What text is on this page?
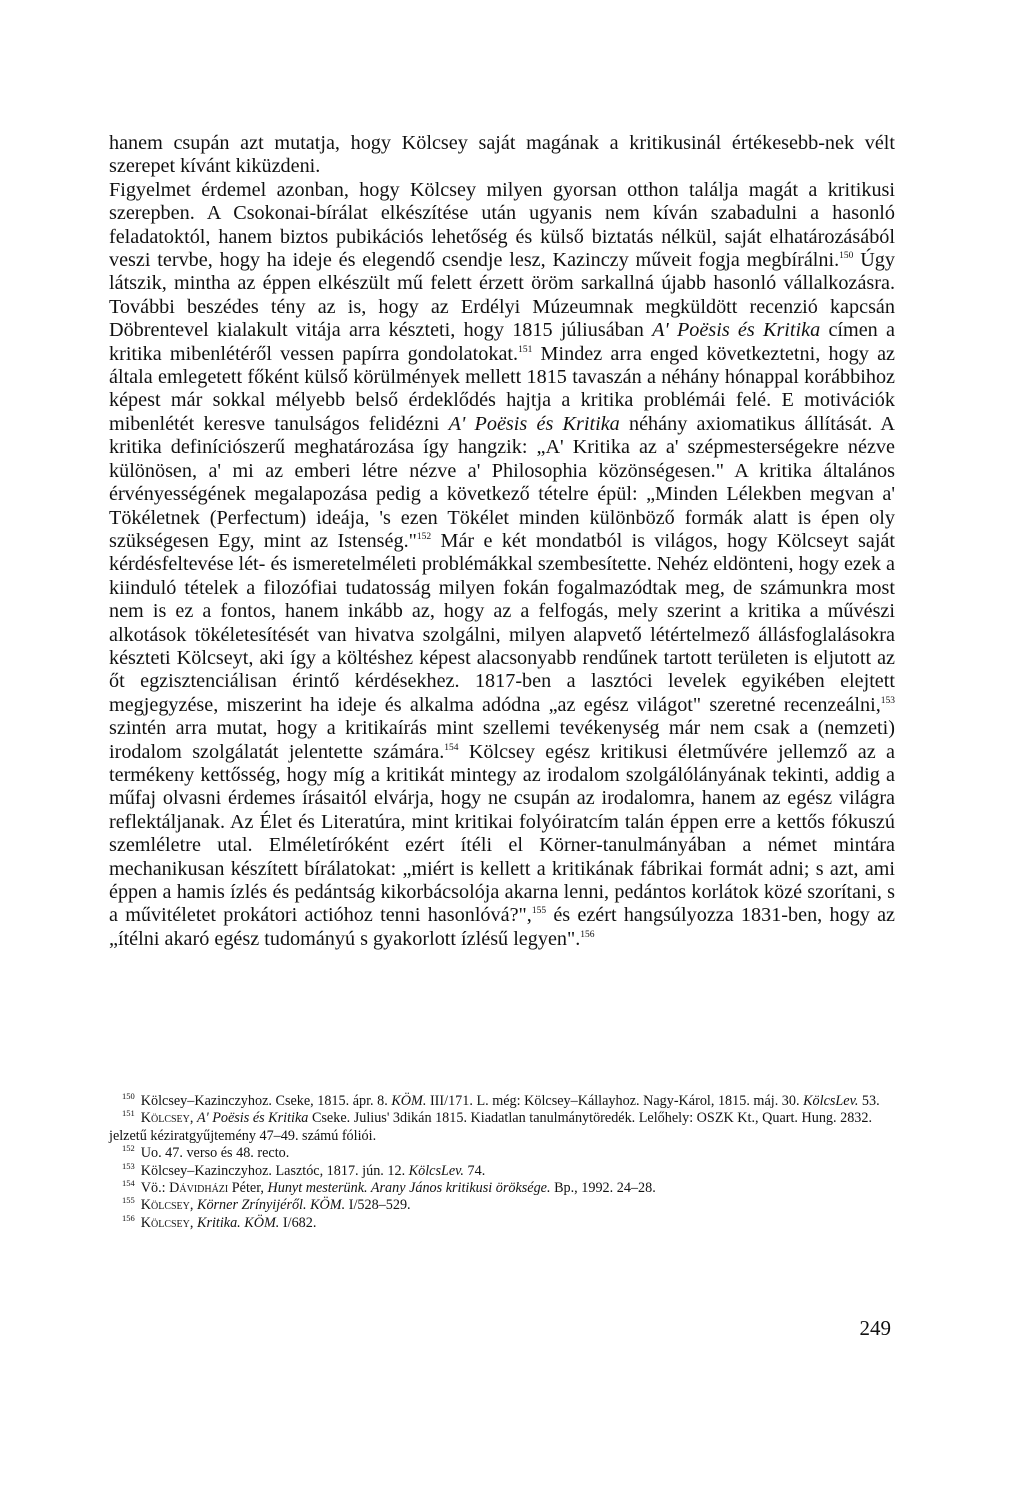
hanem csupán azt mutatja, hogy Kölcsey saját magának a kritikusinál értékesebb-nek vélt szerepet kívánt kiküzdeni.

Figyelmet érdemel azonban, hogy Kölcsey milyen gyorsan otthon találja magát a kritikusi szerepben. A Csokonai-bírálat elkészítése után ugyanis nem kíván szabadulni a hasonló feladatoktól, hanem biztos pubikációs lehetőség és külső biztatás nélkül, saját elhatározásából veszi tervbe, hogy ha ideje és elegendő csendje lesz, Kazinczy műveit fogja megbírálni.$^{150}$ Úgy látszik, mintha az éppen elkészült mű felett érzett öröm sarkallná újabb hasonló vállalkozásra. További beszédes tény az is, hogy az Erdélyi Múzeumnak megküldött recenzió kapcsán Döbrentevel kialakult vitája arra készteti, hogy 1815 júliusában A' Poësis és Kritika címen a kritika mibenlétéről vessen papírra gondolatokat.$^{151}$ Mindez arra enged következtetni, hogy az általa emlegetett főként külső körülmények mellett 1815 tavaszán a néhány hónappal korábbihoz képest már sokkal mélyebb belső érdeklődés hajtja a kritika problémái felé. E motivációk mibenlétét keresve tanulságos felidézni A' Poësis és Kritika néhány axiomatikus állítását. A kritika definíciószerű meghatározása így hangzik: „A' Kritika az a' szépmesterségekre nézve különösen, a' mi az emberi létre nézve a' Philosophia közönségesen." A kritika általános érvényességének megalapozása pedig a következő tételre épül: „Minden Lélekben megvan a' Tökéletnek (Perfectum) ideája, 's ezen Tökélet minden különböző formák alatt is épen oly szükségesen Egy, mint az Istenség."$^{152}$ Már e két mondatból is világos, hogy Kölcseyt saját kérdésfeltevése lét- és ismeretelméleti problémákkal szembesítette. Nehéz eldönteni, hogy ezek a kiinduló tételek a filozófiai tudatosság milyen fokán fogalmazódtak meg, de számunkra most nem is ez a fontos, hanem inkább az, hogy az a felfogás, mely szerint a kritika a művészi alkotások tökéletesítését van hivatva szolgálni, milyen alapvető létértelmező állásfoglalásokra készteti Kölcseyt, aki így a költéshez képest alacsonyabb rendűnek tartott területen is eljutott az őt egzisztenciálisan érintő kérdésekhez. 1817-ben a lasztóci levelek egyikében elejtett megjegyzése, miszerint ha ideje és alkalma adódna „az egész világot" szeretné recenzeálni,$^{153}$ szintén arra mutat, hogy a kritikaírás mint szellemi tevékenység már nem csak a (nemzeti) irodalom szolgálatát jelentette számára.$^{154}$ Kölcsey egész kritikusi életművére jellemző az a termékeny kettősség, hogy míg a kritikát mintegy az irodalom szolgálólányának tekinti, addig a műfaj olvasni érdemes írásaitól elvárja, hogy ne csupán az irodalomra, hanem az egész világra reflektáljanak. Az Élet és Literatúra, mint kritikai folyóiratcím talán éppen erre a kettős fókuszú szemléletre utal. Elméletíróként ezért ítéli el Körner-tanulmányában a német mintára mechanikusan készített bírálatokat: „miért is kellett a kritikának fábrikai formát adni; s azt, ami éppen a hamis ízlés és pedántság kikorbácsolója akarna lenni, pedántos korlátok közé szorítani, s a művitéletet prokátori actióhoz tenni hasonlóvá?",$^{155}$ és ezért hangsúlyozza 1831-ben, hogy az „ítélni akaró egész tudományú s gyakorlott ízlésű legyen".$^{156}$

$^{150}$ Kölcsey–Kazinczyhoz. Cseke, 1815. ápr. 8. KÖM. III/171. L. még: Kölcsey–Kállayhoz. Nagy-Károl, 1815. máj. 30. KölcsLev. 53.

$^{151}$ Kölcsey, A' Poësis és Kritika Cseke. Julius' 3dikán 1815. Kiadatlan tanulmánytöredék. Lelőhely: OSZK Kt., Quart. Hung. 2832. jelzetű kéziratgyűjtemény 47–49. számú fóliói.

$^{152}$ Uo. 47. verso és 48. recto.

$^{153}$ Kölcsey–Kazinczyhoz. Lasztóc, 1817. jún. 12. KölcsLev. 74.

$^{154}$ Vö.: Dávidházi Péter, Hunyt mesterünk. Arany János kritikusi öröksége. Bp., 1992. 24–28.

$^{155}$ Kölcsey, Körner Zrínyijéről. KÖM. I/528–529.

$^{156}$ Kölcsey, Kritika. KÖM. I/682.

249
